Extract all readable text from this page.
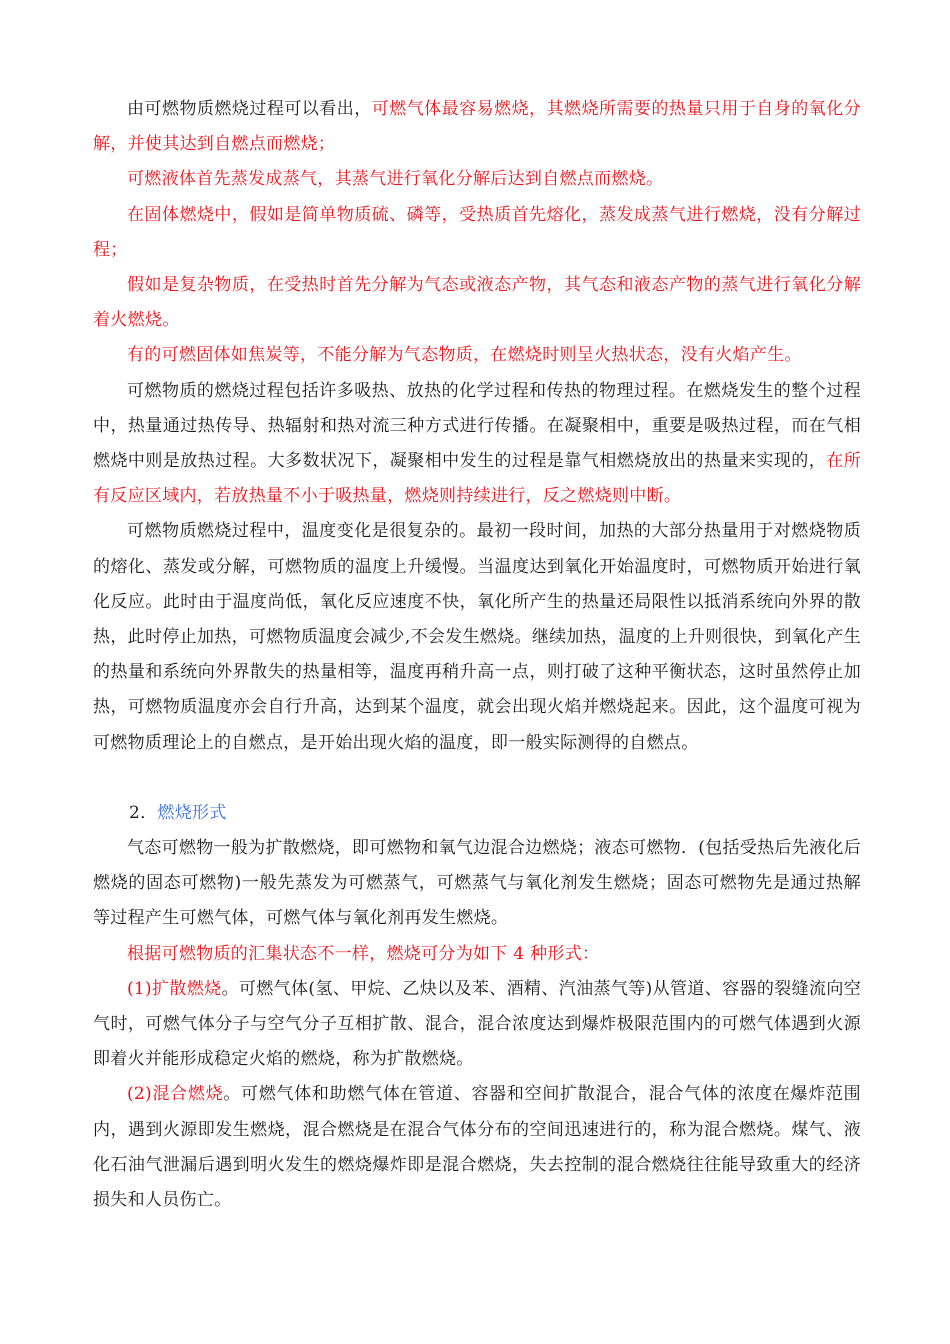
由可燃物质燃烧过程可以看出，可燃气体最容易燃烧，其燃烧所需要的热量只用于自身的氧化分解，并使其达到自燃点而燃烧；

可燃液体首先蒸发成蒸气，其蒸气进行氧化分解后达到自燃点而燃烧。

在固体燃烧中，假如是简单物质硫、磷等，受热质首先熔化，蒸发成蒸气进行燃烧，没有分解过程；

假如是复杂物质，在受热时首先分解为气态或液态产物，其气态和液态产物的蒸气进行氧化分解着火燃烧。

有的可燃固体如焦炭等，不能分解为气态物质，在燃烧时则呈火热状态，没有火焰产生。

可燃物质的燃烧过程包括许多吸热、放热的化学过程和传热的物理过程。在燃烧发生的整个过程中，热量通过热传导、热辐射和热对流三种方式进行传播。在凝聚相中，重要是吸热过程，而在气相燃烧中则是放热过程。大多数状况下，凝聚相中发生的过程是靠气相燃烧放出的热量来实现的，在所有反应区域内，若放热量不小于吸热量，燃烧则持续进行，反之燃烧则中断。

可燃物质燃烧过程中，温度变化是很复杂的。最初一段时间，加热的大部分热量用于对燃烧物质的熔化、蒸发或分解，可燃物质的温度上升缓慢。当温度达到氧化开始温度时，可燃物质开始进行氧化反应。此时由于温度尚低，氧化反应速度不快，氧化所产生的热量还局限性以抵消系统向外界的散热，此时停止加热，可燃物质温度会减少,不会发生燃烧。继续加热，温度的上升则很快，到氧化产生的热量和系统向外界散失的热量相等，温度再稍升高一点，则打破了这种平衡状态，这时虽然停止加热，可燃物质温度亦会自行升高，达到某个温度，就会出现火焰并燃烧起来。因此，这个温度可视为可燃物质理论上的自燃点，是开始出现火焰的温度，即一般实际测得的自燃点。

2．燃烧形式

气态可燃物一般为扩散燃烧，即可燃物和氧气边混合边燃烧；液态可燃物．(包括受热后先液化后燃烧的固态可燃物)一般先蒸发为可燃蒸气，可燃蒸气与氧化剂发生燃烧；固态可燃物先是通过热解等过程产生可燃气体，可燃气体与氧化剂再发生燃烧。

根据可燃物质的汇集状态不一样，燃烧可分为如下 4 种形式：

(1)扩散燃烧。可燃气体(氢、甲烷、乙炔以及苯、酒精、汽油蒸气等)从管道、容器的裂缝流向空气时，可燃气体分子与空气分子互相扩散、混合，混合浓度达到爆炸极限范围内的可燃气体遇到火源即着火并能形成稳定火焰的燃烧，称为扩散燃烧。

(2)混合燃烧。可燃气体和助燃气体在管道、容器和空间扩散混合，混合气体的浓度在爆炸范围内，遇到火源即发生燃烧，混合燃烧是在混合气体分布的空间迅速进行的，称为混合燃烧。煤气、液化石油气泄漏后遇到明火发生的燃烧爆炸即是混合燃烧，失去控制的混合燃烧往往能导致重大的经济损失和人员伤亡。
